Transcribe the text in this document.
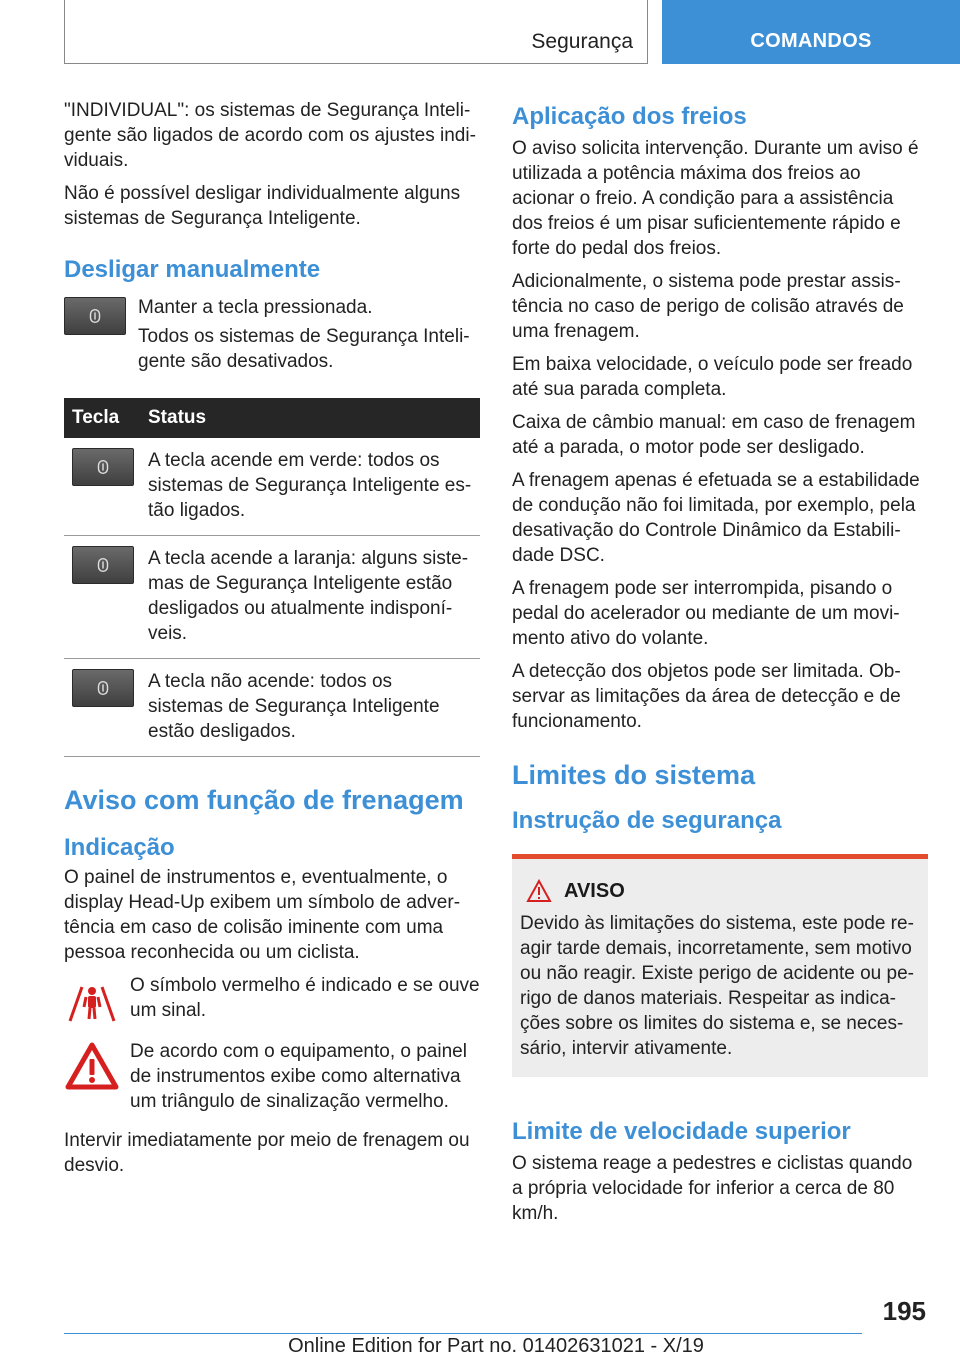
Segurança	COMANDOS

"INDIVIDUAL": os sistemas de Segurança Inteligente são ligados de acordo com os ajustes individuais.

Não é possível desligar individualmente alguns sistemas de Segurança Inteligente.

Desligar manualmente

Manter a tecla pressionada.

Todos os sistemas de Segurança Inteligente são desativados.

Tecla	Status

	A tecla acende em verde: todos os sistemas de Segurança Inteligente estão ligados.

	A tecla acende a laranja: alguns sistemas de Segurança Inteligente estão desligados ou atualmente indisponíveis.

	A tecla não acende: todos os sistemas de Segurança Inteligente estão desligados.
Aviso com função de frenagem
Indicação

O painel de instrumentos e, eventualmente, o display Head-Up exibem um símbolo de advertência em caso de colisão iminente com uma pessoa reconhecida ou um ciclista.

O símbolo vermelho é indicado e se ouve um sinal.

De acordo com o equipamento, o painel de instrumentos exibe como alternativa um triângulo de sinalização vermelho.

Intervir imediatamente por meio de frenagem ou desvio.

Aplicação dos freios

O aviso solicita intervenção. Durante um aviso é utilizada a potência máxima dos freios ao acionar o freio. A condição para a assistência dos freios é um pisar suficientemente rápido e forte do pedal dos freios.

Adicionalmente, o sistema pode prestar assistência no caso de perigo de colisão através de uma frenagem.

Em baixa velocidade, o veículo pode ser freado até sua parada completa.

Caixa de câmbio manual: em caso de frenagem até a parada, o motor pode ser desligado.

A frenagem apenas é efetuada se a estabilidade de condução não foi limitada, por exemplo, pela desativação do Controle Dinâmico da Estabilidade DSC.

A frenagem pode ser interrompida, pisando o pedal do acelerador ou mediante de um movimento ativo do volante.

A detecção dos objetos pode ser limitada. Observar as limitações da área de detecção e de funcionamento.

Limites do sistema
Instrução de segurança
AVISO

Devido às limitações do sistema, este pode reagir tarde demais, incorretamente, sem motivo ou não reagir. Existe perigo de acidente ou perigo de danos materiais. Respeitar as indicações sobre os limites do sistema e, se necessário, intervir ativamente.

Limite de velocidade superior

O sistema reage a pedestres e ciclistas quando a própria velocidade for inferior a cerca de 80 km/h.

195
Online Edition for Part no. 01402631021 - X/19
